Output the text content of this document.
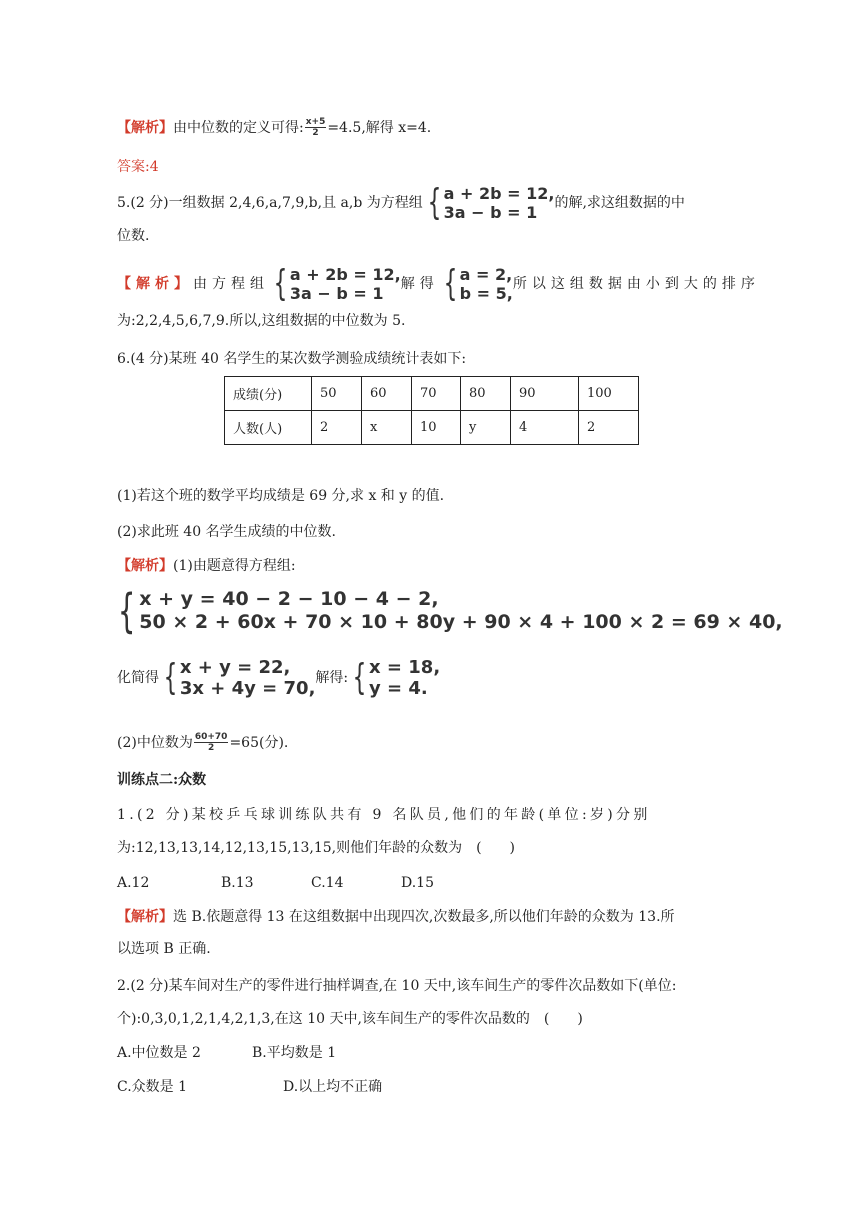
【解析】由中位数的定义可得: $\frac{x+5}{2} =4.5$,解得 x=4.
答案:4
5.(2 分)一组数据 2,4,6,a,7,9,b,且 a,b 为方程组 { a + 2b = 12,
3a − b = 1	的解,求这组数据的中
位数.
【解析】由方程组 { a + 2b = 12,
3a − b = 1	解得 { a = 2,
b = 5, 所以这组数据由小到大的排序
为:2,2,4,5,6,7,9.所以,这组数据的中位数为 5.
6.(4 分)某班 40 名学生的某次数学测验成绩统计表如下:
成绩(分)	50	60	70	80	90	100
人数(人)	2	x	10	y	4	2
(1)若这个班的数学平均成绩是 69 分,求 x 和 y 的值.
(2)求此班 40 名学生成绩的中位数.
【解析】(1)由题意得方程组:
{ x + y = 40 − 2 − 10 − 4 − 2,
50 × 2 + 60x + 70 × 10 + 80y + 90 × 4 + 100 × 2 = 69 × 40,
化简得 { x + y = 22,
3x + 4y = 70, 解得: { x = 18,
y = 4.
(2)中位数为 $\frac{60+70}{2} =65$(分).
训练点二:众数
1.(2 分)某校乒乓球训练队共有 9 名队员,他们的年龄(单位:岁)分别
为:12,13,13,14,12,13,15,13,15,则他们年龄的众数为　(　　)
A.12	B.13	C.14	D.15
【解析】选 B.依题意得 13 在这组数据中出现四次,次数最多,所以他们年龄的众数为 13.所
以选项 B 正确.
2.(2 分)某车间对生产的零件进行抽样调查,在 10 天中,该车间生产的零件次品数如下(单位:
个):0,3,0,1,2,1,4,2,1,3,在这 10 天中,该车间生产的零件次品数的　(　　)
A.中位数是 2	B.平均数是 1
C.众数是 1	D.以上均不正确
